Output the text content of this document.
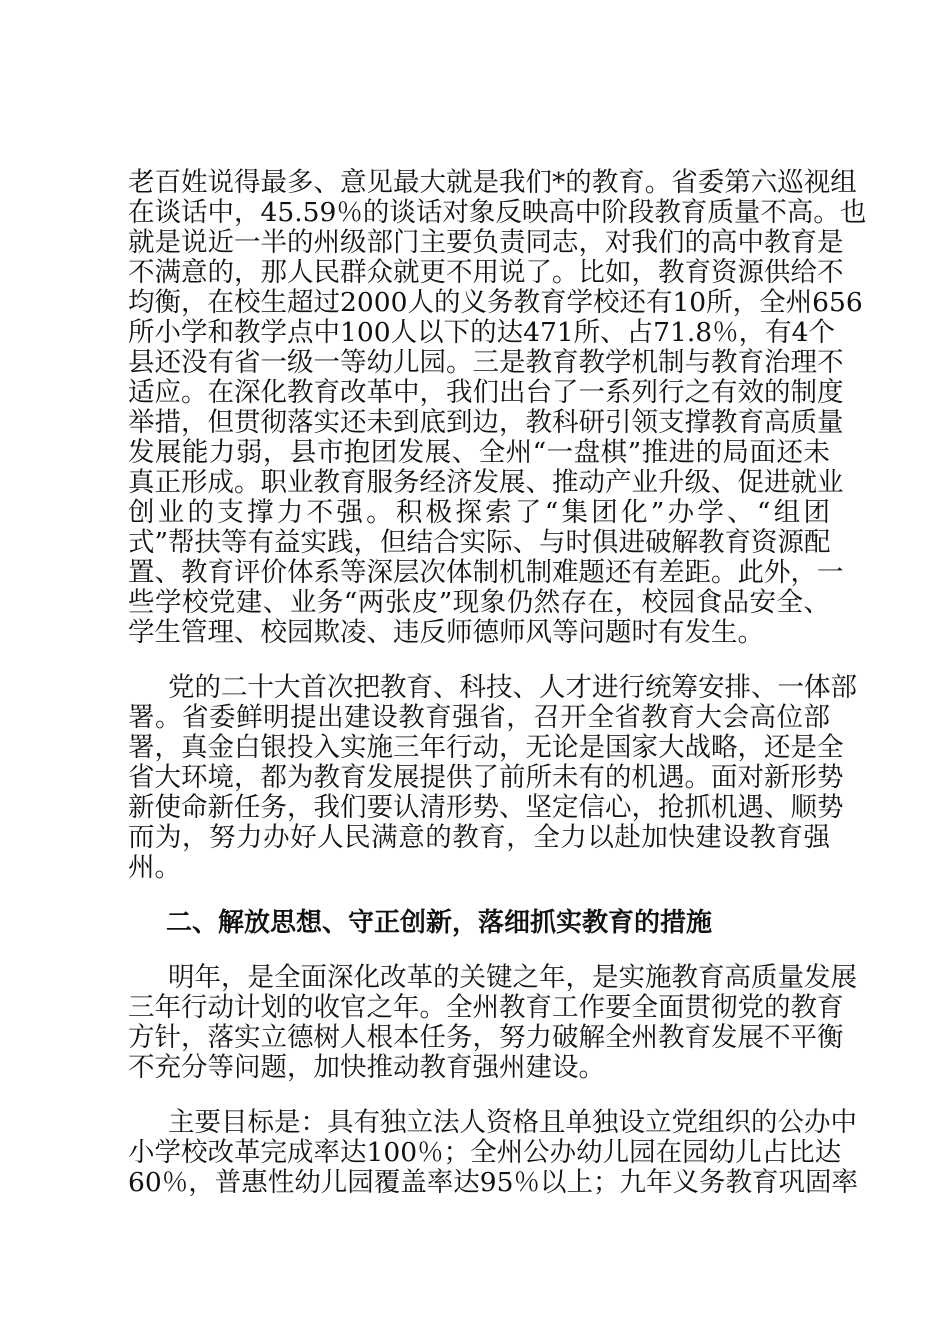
老百姓说得最多、意见最大就是我们*的教育。省委第六巡视组
在谈话中，45.59％的谈话对象反映高中阶段教育质量不高。也
就是说近一半的州级部门主要负责同志，对我们的高中教育是
不满意的，那人民群众就更不用说了。比如，教育资源供给不
均衡，在校生超过2000人的义务教育学校还有10所，全州656
所小学和教学点中100人以下的达471所、占71.8％，有4个
县还没有省一级一等幼儿园。三是教育教学机制与教育治理不
适应。在深化教育改革中，我们出台了一系列行之有效的制度
举措，但贯彻落实还未到底到边，教科研引领支撑教育高质量
发展能力弱，县市抱团发展、全州“一盘棋”推进的局面还未
真正形成。职业教育服务经济发展、推动产业升级、促进就业
创业的支撑力不强。积极探索了“集团化”办学、“组团
式”帮扶等有益实践，但结合实际、与时俱进破解教育资源配
置、教育评价体系等深层次体制机制难题还有差距。此外，一
些学校党建、业务“两张皮”现象仍然存在，校园食品安全、
学生管理、校园欺凌、违反师德师风等问题时有发生。
党的二十大首次把教育、科技、人才进行统筹安排、一体部
署。省委鲜明提出建设教育强省，召开全省教育大会高位部
署，真金白银投入实施三年行动，无论是国家大战略，还是全
省大环境，都为教育发展提供了前所未有的机遇。面对新形势
新使命新任务，我们要认清形势、坚定信心，抢抓机遇、顺势
而为，努力办好人民满意的教育，全力以赴加快建设教育强
州。
二、解放思想、守正创新，落细抓实教育的措施
明年，是全面深化改革的关键之年，是实施教育高质量发展
三年行动计划的收官之年。全州教育工作要全面贯彻党的教育
方针，落实立德树人根本任务，努力破解全州教育发展不平衡
不充分等问题，加快推动教育强州建设。
主要目标是：具有独立法人资格且单独设立党组织的公办中
小学校改革完成率达100％；全州公办幼儿园在园幼儿占比达
60％，普惠性幼儿园覆盖率达95％以上；九年义务教育巩固率
